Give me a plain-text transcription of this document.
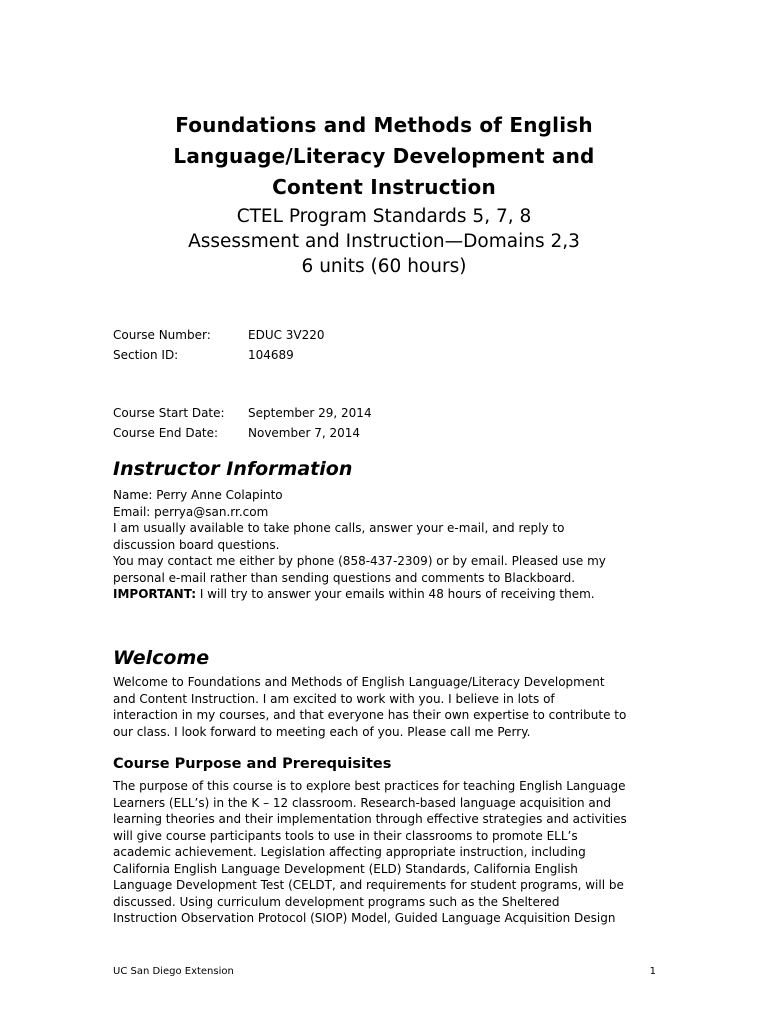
Foundations and Methods of English
Language/Literacy Development and
Content Instruction
CTEL Program Standards 5, 7, 8
Assessment and Instruction—Domains 2,3
6 units (60 hours)
Course Number:	EDUC 3V220
Section ID:	104689
Course Start Date: September 29, 2014
Course End Date: November 7, 2014
Instructor Information

Name: Perry Anne Colapinto

Email: perrya@san.rr.com

I am usually available to take phone calls, answer your e-mail, and reply to

discussion board questions.

You may contact me either by phone (858-437-2309) or by email. Pleased use my

personal e-mail rather than sending questions and comments to Blackboard.

IMPORTANT: I will try to answer your emails within 48 hours of receiving them.

Welcome

Welcome to Foundations and Methods of English Language/Literacy Development

and Content Instruction. I am excited to work with you. I believe in lots of

interaction in my courses, and that everyone has their own expertise to contribute to

our class. I look forward to meeting each of you. Please call me Perry.

Course Purpose and Prerequisites

The purpose of this course is to explore best practices for teaching English Language

Learners (ELL’s) in the K – 12 classroom. Research-based language acquisition and

learning theories and their implementation through effective strategies and activities

will give course participants tools to use in their classrooms to promote ELL’s

academic achievement. Legislation affecting appropriate instruction, including

California English Language Development (ELD) Standards, California English

Language Development Test (CELDT, and requirements for student programs, will be

discussed. Using curriculum development programs such as the Sheltered

Instruction Observation Protocol (SIOP) Model, Guided Language Acquisition Design

UC San Diego Extension	1
